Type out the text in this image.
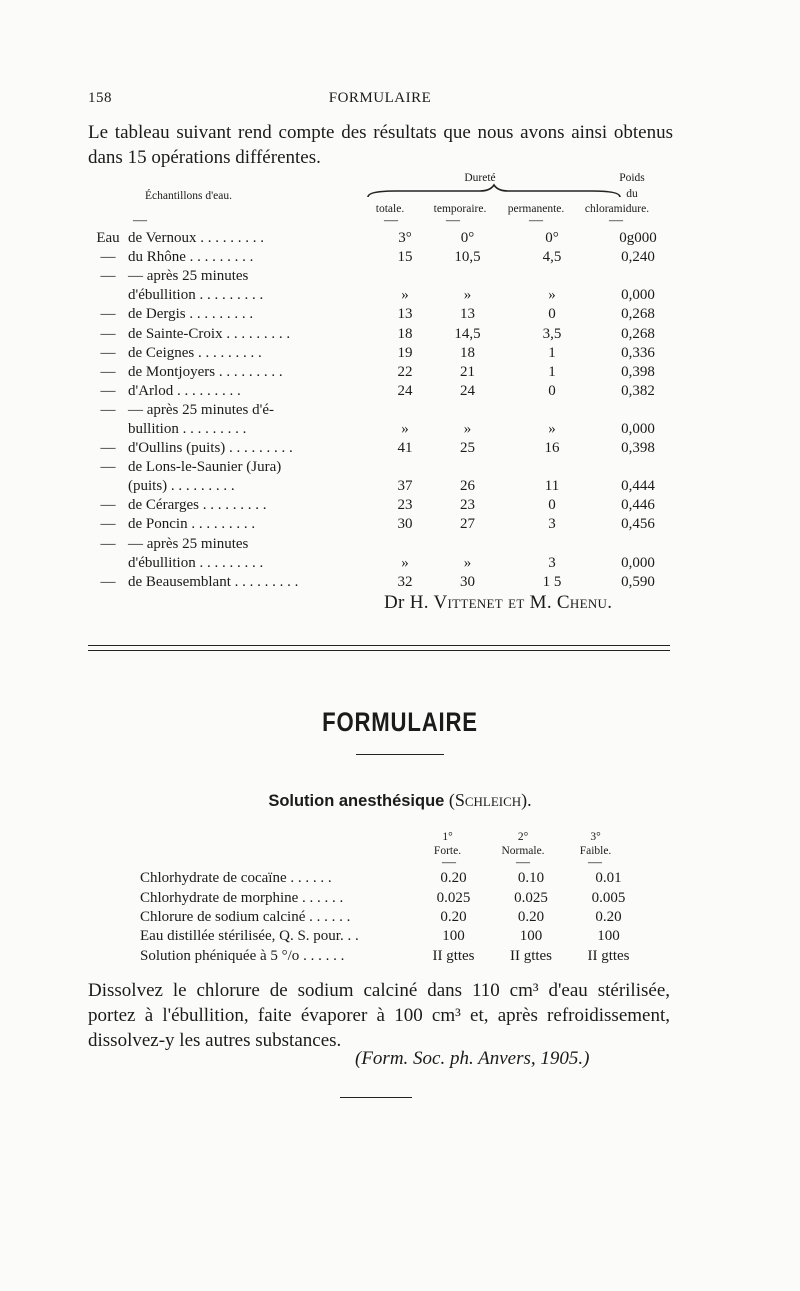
158	FORMULAIRE
Le tableau suivant rend compte des résultats que nous avons ainsi obtenus dans 15 opérations différentes.
Échantillons d'eau.
Dureté	Poids
du
totale.	temporaire.	permanente.	chloramidure.
—	—	—	—	—
Eau	de Vernoux . . . . . . . . .	3°	0°	0°	0g000
—	du Rhône . . . . . . . . .	15	10,5	4,5	0,240
—	— après 25 minutes				
	d'ébullition . . . . . . . . .	»	»	»	0,000
—	de Dergis . . . . . . . . .	13	13	0	0,268
—	de Sainte-Croix . . . . . . . . .	18	14,5	3,5	0,268
—	de Ceignes . . . . . . . . .	19	18	1	0,336
—	de Montjoyers . . . . . . . . .	22	21	1	0,398
—	d'Arlod . . . . . . . . .	24	24	0	0,382
—	— après 25 minutes d'é-				
	bullition . . . . . . . . .	»	»	»	0,000
—	d'Oullins (puits) . . . . . . . . .	41	25	16	0,398
—	de Lons-le-Saunier (Jura)				
	(puits) . . . . . . . . .	37	26	11	0,444
—	de Cérarges . . . . . . . . .	23	23	0	0,446
—	de Poncin . . . . . . . . .	30	27	3	0,456
—	— après 25 minutes				
	d'ébullition . . . . . . . . .	»	»	3	0,000
—	de Beausemblant . . . . . . . . .	32	30	1 5	0,590
Dr H. Vittenet et M. Chenu.
FORMULAIRE
Solution anesthésique (Schleich).
1°
Forte.
2°
Normale.
3°
Faible.
—	—	—
Chlorhydrate de cocaïne . . . . . .	0.20	0.10	0.01
Chlorhydrate de morphine . . . . . .	0.025	0.025	0.005
Chlorure de sodium calciné . . . . . .	0.20	0.20	0.20
Eau distillée stérilisée, Q. S. pour. . .	100	100	100
Solution phéniquée à 5 °/o . . . . . .	II gttes	II gttes	II gttes
Dissolvez le chlorure de sodium calciné dans 110 cm³ d'eau stérilisée, portez à l'ébullition, faite évaporer à 100 cm³ et, après refroidissement, dissolvez-y les autres substances.
(Form. Soc. ph. Anvers, 1905.)
